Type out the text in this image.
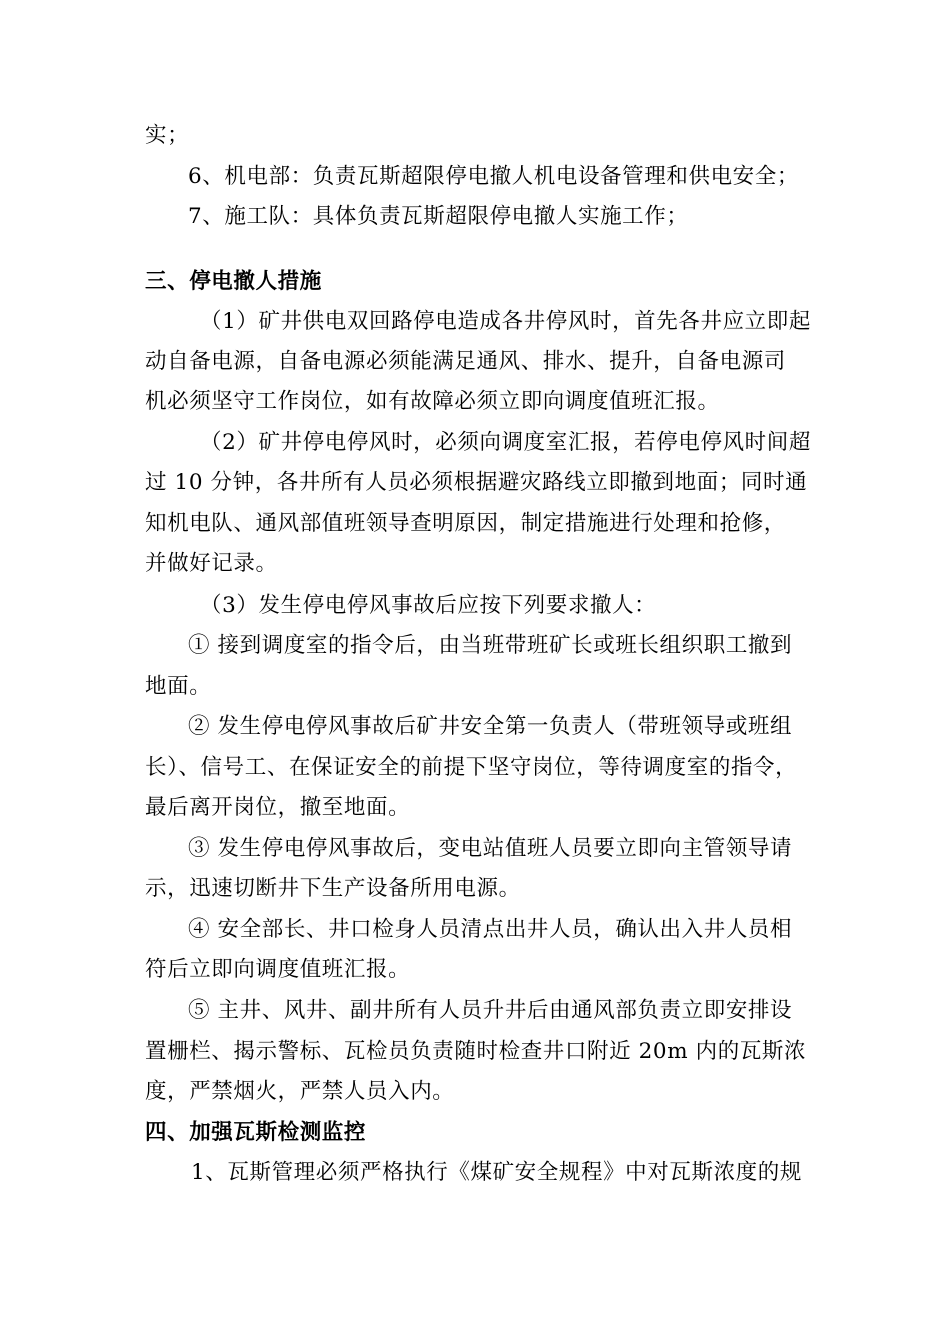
实；
6、机电部：负责瓦斯超限停电撤人机电设备管理和供电安全；
7、施工队：具体负责瓦斯超限停电撤人实施工作；
三、停电撤人措施
（1）矿井供电双回路停电造成各井停风时，首先各井应立即起
动自备电源，自备电源必须能满足通风、排水、提升，自备电源司
机必须坚守工作岗位，如有故障必须立即向调度值班汇报。
（2）矿井停电停风时，必须向调度室汇报，若停电停风时间超
过 10 分钟，各井所有人员必须根据避灾路线立即撤到地面；同时通
知机电队、通风部值班领导查明原因，制定措施进行处理和抢修，
并做好记录。
（3）发生停电停风事故后应按下列要求撤人：
① 接到调度室的指令后，由当班带班矿长或班长组织职工撤到
地面。
② 发生停电停风事故后矿井安全第一负责人（带班领导或班组
长）、信号工、在保证安全的前提下坚守岗位，等待调度室的指令，
最后离开岗位，撤至地面。
③ 发生停电停风事故后，变电站值班人员要立即向主管领导请
示，迅速切断井下生产设备所用电源。
④ 安全部长、井口检身人员清点出井人员，确认出入井人员相
符后立即向调度值班汇报。
⑤ 主井、风井、副井所有人员升井后由通风部负责立即安排设
置栅栏、揭示警标、瓦检员负责随时检查井口附近 20m 内的瓦斯浓
度，严禁烟火，严禁人员入内。
四、加强瓦斯检测监控
1、瓦斯管理必须严格执行《煤矿安全规程》中对瓦斯浓度的规
